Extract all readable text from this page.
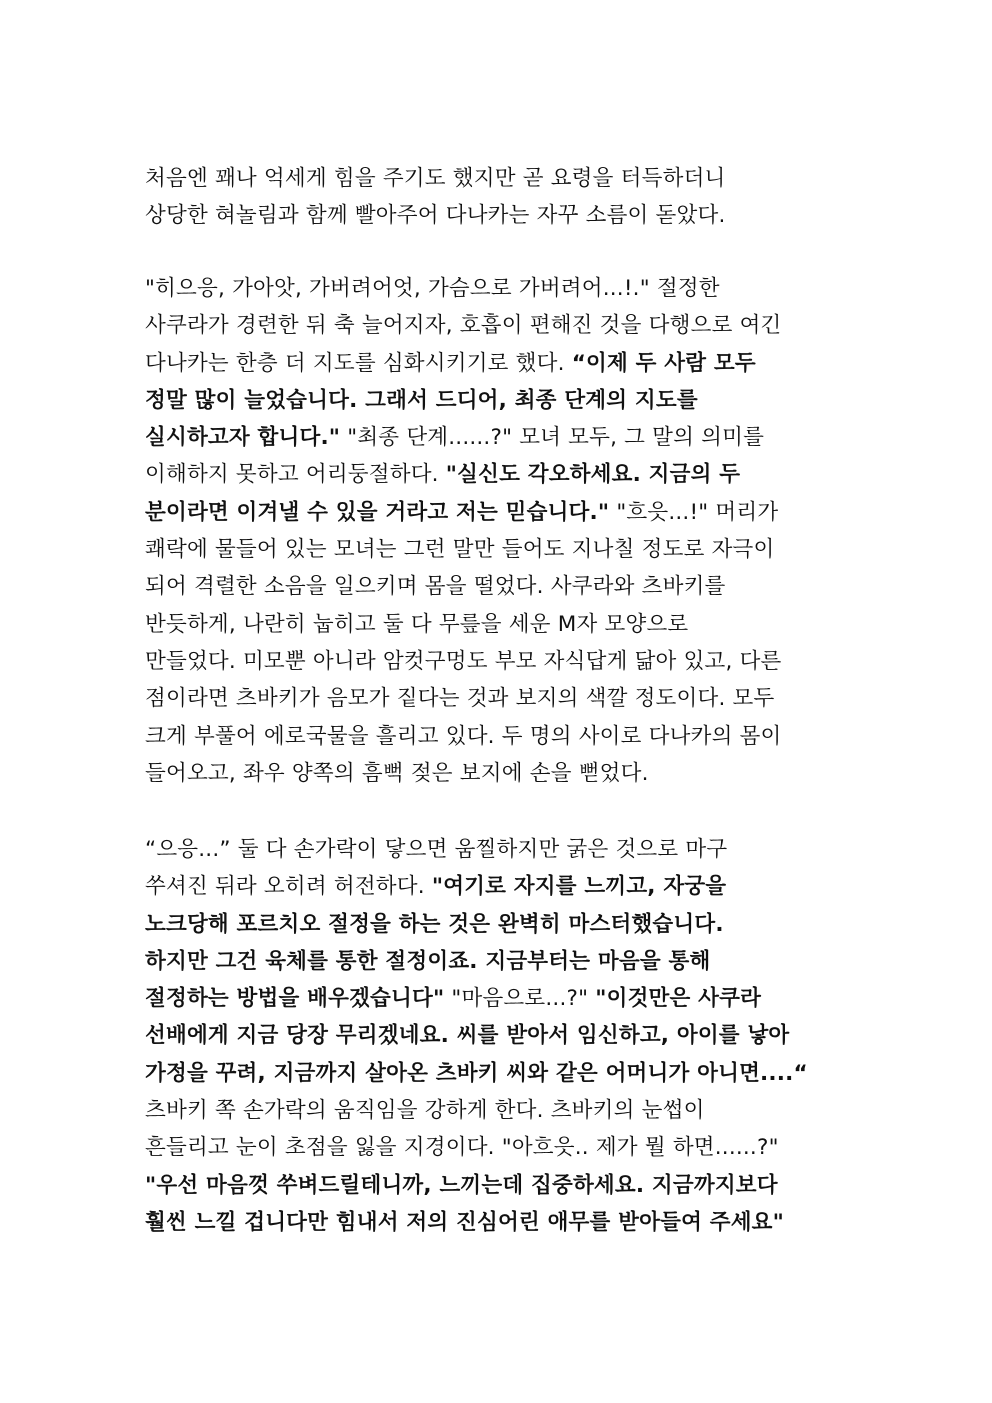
처음엔 꽤나 억세게 힘을 주기도 했지만 곧 요령을 터득하더니
상당한 혀놀림과 함께 빨아주어 다나카는 자꾸 소름이 돋았다.
"히으응, 가아앗, 가버려어엇, 가슴으로 가버려어...!." 절정한
사쿠라가 경련한 뒤 축 늘어지자, 호흡이 편해진 것을 다행으로 여긴
다나카는 한층 더 지도를 심화시키기로 했다. “이제 두 사람 모두
정말 많이 늘었습니다. 그래서 드디어, 최종 단계의 지도를
실시하고자 합니다." "최종 단계......?" 모녀 모두, 그 말의 의미를
이해하지 못하고 어리둥절하다. "실신도 각오하세요. 지금의 두
분이라면 이겨낼 수 있을 거라고 저는 믿습니다." "흐읏...!" 머리가
쾌락에 물들어 있는 모녀는 그런 말만 들어도 지나칠 정도로 자극이
되어 격렬한 소음을 일으키며 몸을 떨었다. 사쿠라와 츠바키를
반듯하게, 나란히 눕히고 둘 다 무릎을 세운 M자 모양으로
만들었다. 미모뿐 아니라 암컷구멍도 부모 자식답게 닮아 있고, 다른
점이라면 츠바키가 음모가 짙다는 것과 보지의 색깔 정도이다. 모두
크게 부풀어 에로국물을 흘리고 있다. 두 명의 사이로 다나카의 몸이
들어오고, 좌우 양쪽의 흠뻑 젖은 보지에 손을 뻗었다.
“으응...” 둘 다 손가락이 닿으면 움찔하지만 굵은 것으로 마구
쑤셔진 뒤라 오히려 허전하다. "여기로 자지를 느끼고, 자궁을
노크당해 포르치오 절정을 하는 것은 완벽히 마스터했습니다.
하지만 그건 육체를 통한 절정이죠. 지금부터는 마음을 통해
절정하는 방법을 배우겠습니다" "마음으로...?" "이것만은 사쿠라
선배에게 지금 당장 무리겠네요. 씨를 받아서 임신하고, 아이를 낳아
가정을 꾸려, 지금까지 살아온 츠바키 씨와 같은 어머니가 아니면....“
츠바키 쪽 손가락의 움직임을 강하게 한다. 츠바키의 눈썹이
흔들리고 눈이 초점을 잃을 지경이다. "아흐읏.. 제가 뭘 하면......?"
"우선 마음껏 쑤벼드릴테니까, 느끼는데 집중하세요. 지금까지보다
훨씬 느낄 겁니다만 힘내서 저의 진심어린 애무를 받아들여 주세요"
